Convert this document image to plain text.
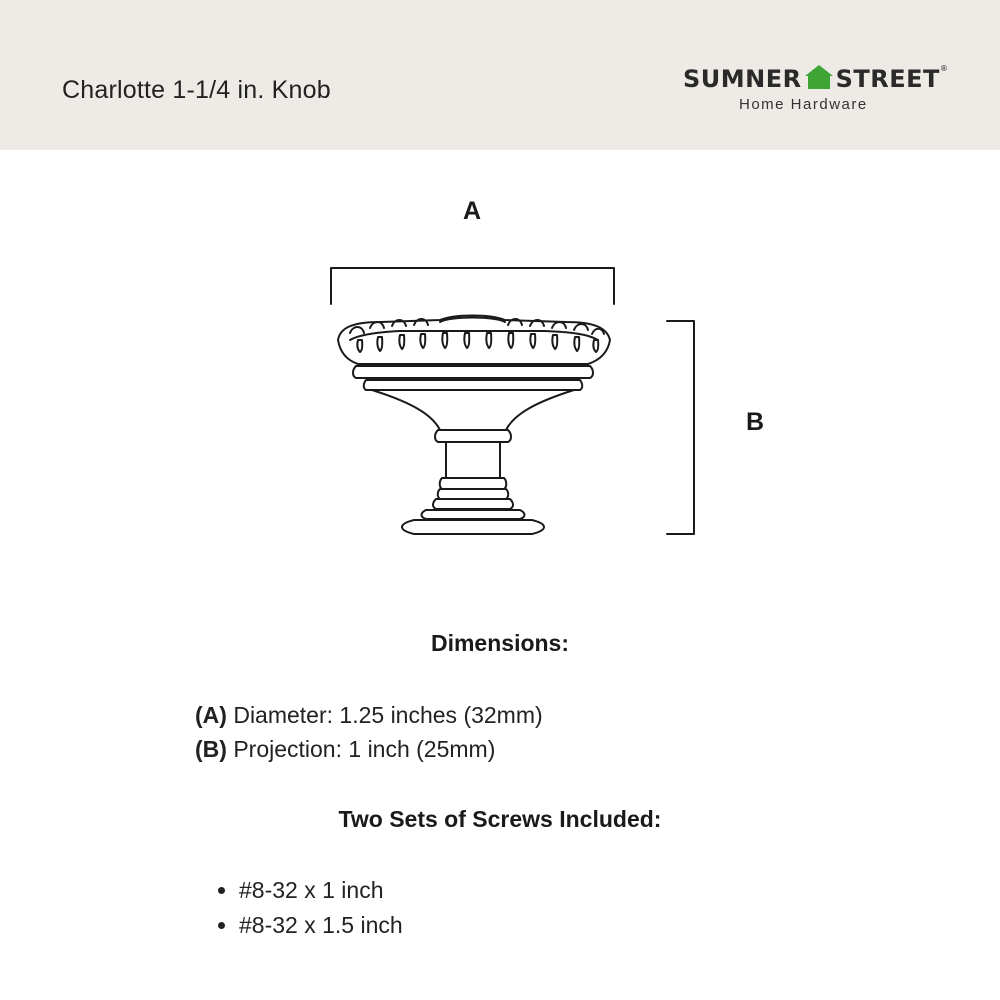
Charlotte 1-1/4 in. Knob	SUMNER STREET®
Home Hardware
A
B
Dimensions:
(A) Diameter: 1.25 inches (32mm)
(B) Projection: 1 inch (25mm)
Two Sets of Screws Included:
#8-32 x 1 inch
#8-32 x 1.5 inch
